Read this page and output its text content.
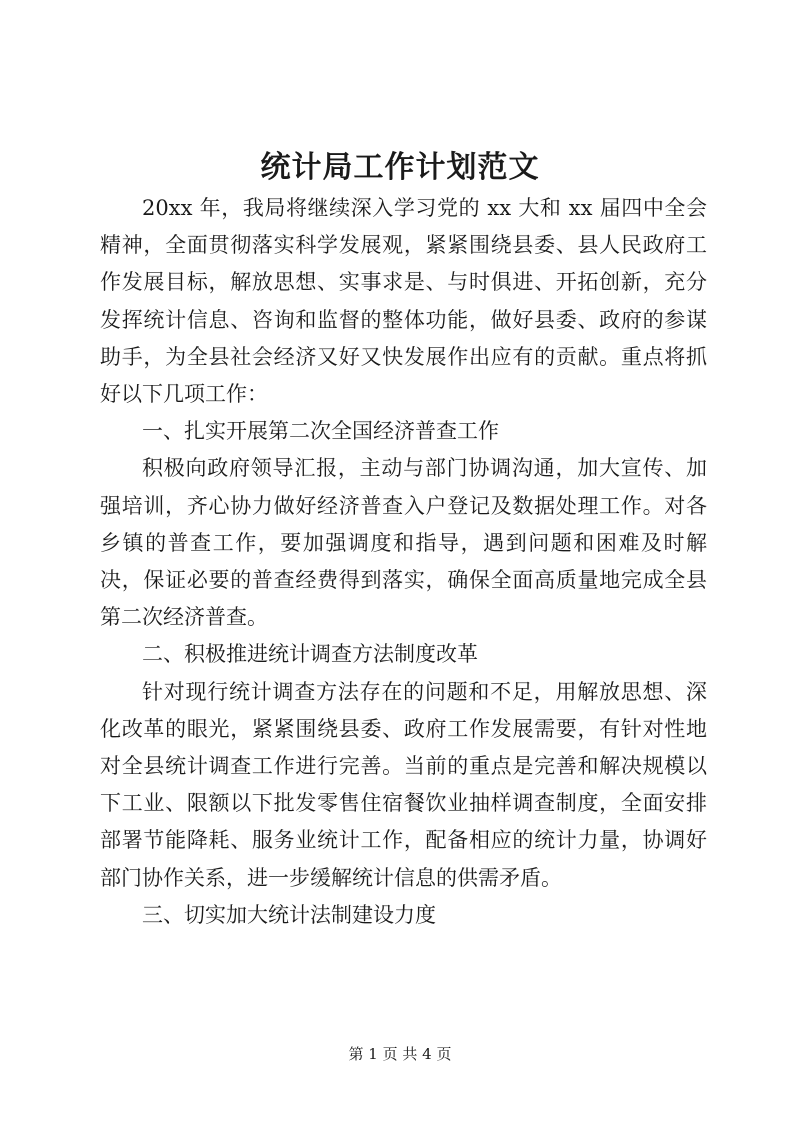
统计局工作计划范文

20xx 年，我局将继续深入学习党的 xx 大和 xx 届四中全会精神，全面贯彻落实科学发展观，紧紧围绕县委、县人民政府工作发展目标，解放思想、实事求是、与时俱进、开拓创新，充分发挥统计信息、咨询和监督的整体功能，做好县委、政府的参谋助手，为全县社会经济又好又快发展作出应有的贡献。重点将抓好以下几项工作：

一、扎实开展第二次全国经济普查工作

积极向政府领导汇报，主动与部门协调沟通，加大宣传、加强培训，齐心协力做好经济普查入户登记及数据处理工作。对各乡镇的普查工作，要加强调度和指导，遇到问题和困难及时解决，保证必要的普查经费得到落实，确保全面高质量地完成全县第二次经济普查。

二、积极推进统计调查方法制度改革

针对现行统计调查方法存在的问题和不足，用解放思想、深化改革的眼光，紧紧围绕县委、政府工作发展需要，有针对性地对全县统计调查工作进行完善。当前的重点是完善和解决规模以下工业、限额以下批发零售住宿餐饮业抽样调查制度，全面安排部署节能降耗、服务业统计工作，配备相应的统计力量，协调好部门协作关系，进一步缓解统计信息的供需矛盾。

三、切实加大统计法制建设力度

第 1 页 共 4 页
